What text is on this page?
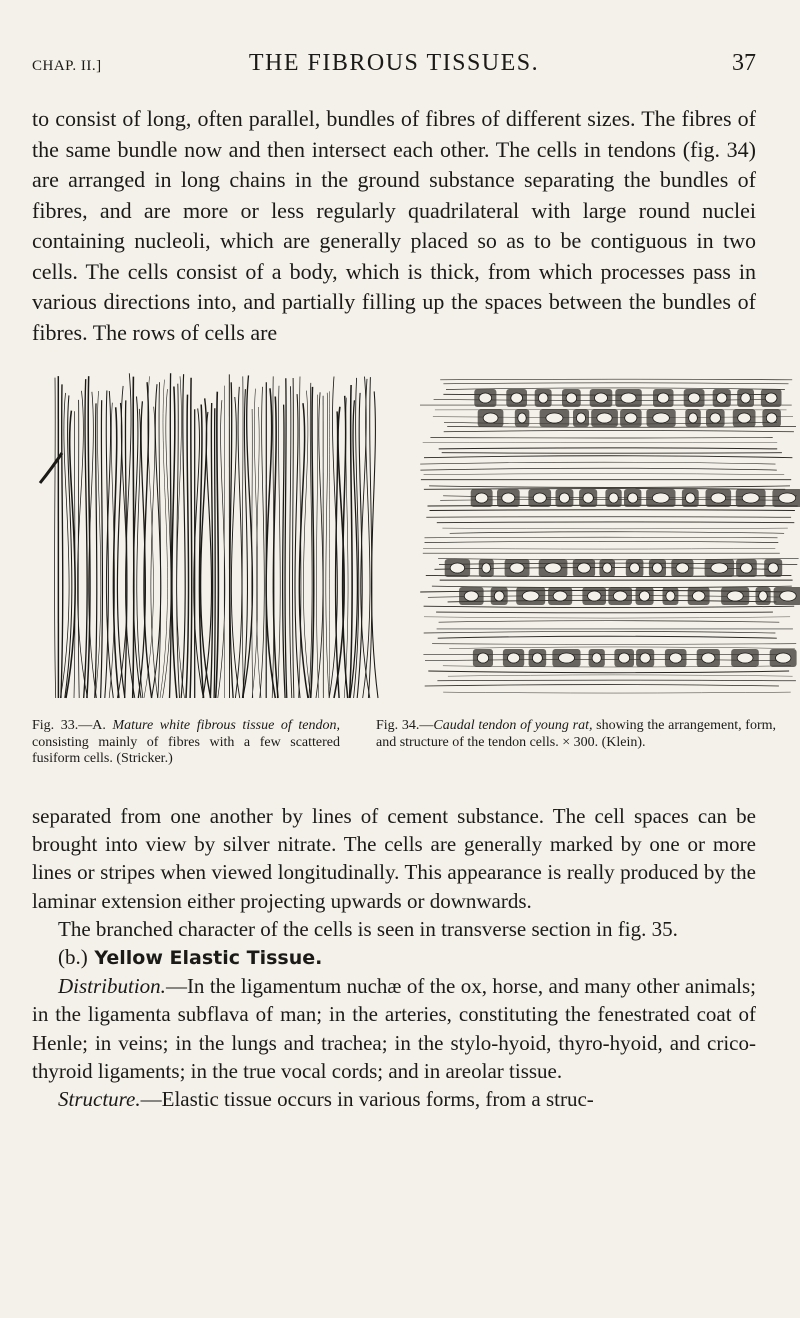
CHAP. II.]	THE FIBROUS TISSUES.	37

to consist of long, often parallel, bundles of fibres of different sizes. The fibres of the same bundle now and then intersect each other. The cells in tendons (fig. 34) are arranged in long chains in the ground substance separating the bundles of fibres, and are more or less regularly quadrilateral with large round nuclei containing nucleoli, which are generally placed so as to be contiguous in two cells. The cells consist of a body, which is thick, from which processes pass in various directions into, and partially filling up the spaces between the bundles of fibres. The rows of cells are

Fig. 33.—A. Mature white fibrous tissue of tendon, consisting mainly of fibres with a few scattered fusiform cells. (Stricker.)

Fig. 34.—Caudal tendon of young rat, showing the arrangement, form, and structure of the tendon cells. × 300. (Klein).

separated from one another by lines of cement substance. The cell spaces can be brought into view by silver nitrate. The cells are generally marked by one or more lines or stripes when viewed longitudinally. This appearance is really produced by the laminar extension either projecting upwards or downwards.

The branched character of the cells is seen in transverse section in fig. 35.

(b.) Yellow Elastic Tissue.

Distribution.—In the ligamentum nuchæ of the ox, horse, and many other animals; in the ligamenta subflava of man; in the arteries, constituting the fenestrated coat of Henle; in veins; in the lungs and trachea; in the stylo-hyoid, thyro-hyoid, and crico-thyroid ligaments; in the true vocal cords; and in areolar tissue.

Structure.—Elastic tissue occurs in various forms, from a struc-
